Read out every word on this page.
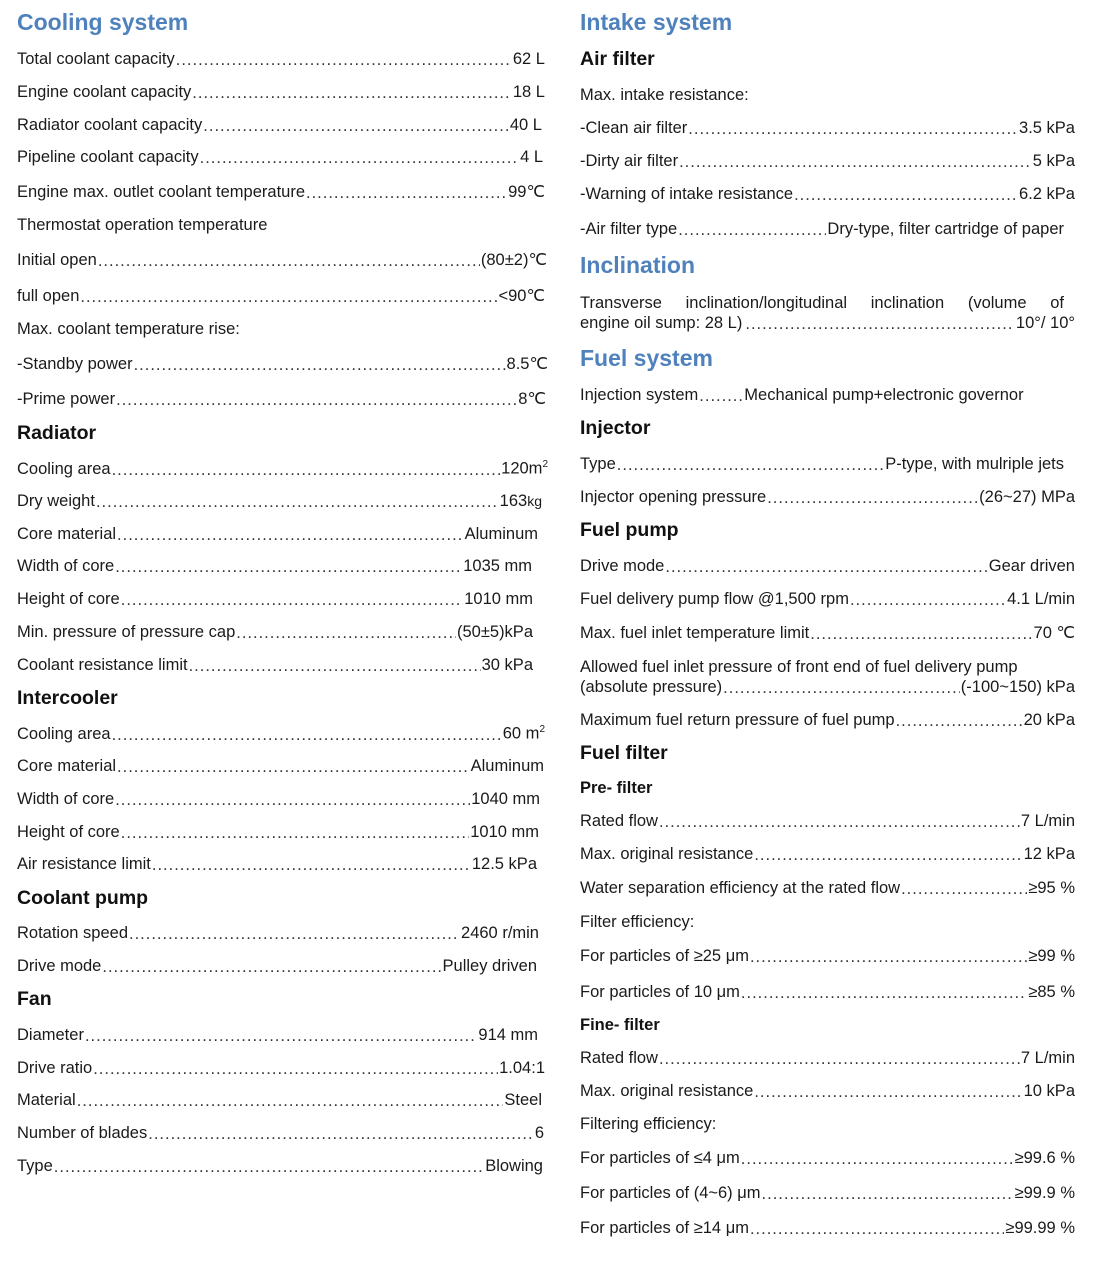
Cooling system
Total coolant capacity .....	62 L
Engine coolant capacity .....	18 L
Radiator coolant capacity .....	40 L
Pipeline coolant capacity .....	4 L
Engine max. outlet coolant temperature .....	99℃
Thermostat operation temperature
Initial open .....	(80±2)℃
full open .....	<90℃
Max. coolant temperature rise:
-Standby power .....	8.5℃
-Prime power .....	8℃
Radiator
Cooling area .....	$120m^2$
Dry weight .....	163kg
Core material .....	Aluminum
Width of core .....	1035 mm
Height of core .....	1010 mm
Min. pressure of pressure cap .....	(50±5)kPa
Coolant resistance limit .....	30 kPa
Intercooler
Cooling area .....	60 $m^2$
Core material .....	Aluminum
Width of core .....	1040 mm
Height of core .....	1010 mm
Air resistance limit .....	12.5 kPa
Coolant pump
Rotation speed .....	2460 r/min
Drive mode .....	Pulley driven
Fan
Diameter .....	914 mm
Drive ratio .....	1.04:1
Material .....	Steel
Number of blades .....	6
Type .....	Blowing
Intake system
Air filter
Max. intake resistance:
-Clean air filter .....	3.5 kPa
-Dirty air filter .....	5 kPa
-Warning of intake resistance .....	6.2 kPa
-Air filter type .....	Dry-type, filter cartridge of paper
Inclination
Transverse inclination/longitudinal inclination (volume of
engine oil sump: 28 L) .....	10°/ 10°
Fuel system
Injection system .....	Mechanical pump+electronic governor
Injector
Type .....	P-type, with mulriple jets
Injector opening pressure .....	(26~27) MPa
Fuel pump
Drive mode .....	Gear driven
Fuel delivery pump flow @1,500 rpm .....	4.1 L/min
Max. fuel inlet temperature limit .....	70 ℃
Allowed fuel inlet pressure of front end of fuel delivery pump
(absolute pressure) .....	(-100~150) kPa
Maximum fuel return pressure of fuel pump .....	20 kPa
Fuel filter
Pre- filter
Rated flow .....	7 L/min
Max. original resistance .....	12 kPa
Water separation efficiency at the rated flow .....	≥95 %
Filter efficiency:
For particles of ≥25 μm .....	≥99 %
For particles of 10 μm .....	≥85 %
Fine- filter
Rated flow .....	7 L/min
Max. original resistance .....	10 kPa
Filtering efficiency:
For particles of ≤4 μm .....	≥99.6 %
For particles of (4~6) μm .....	≥99.9 %
For particles of ≥14 μm .....	≥99.99 %
